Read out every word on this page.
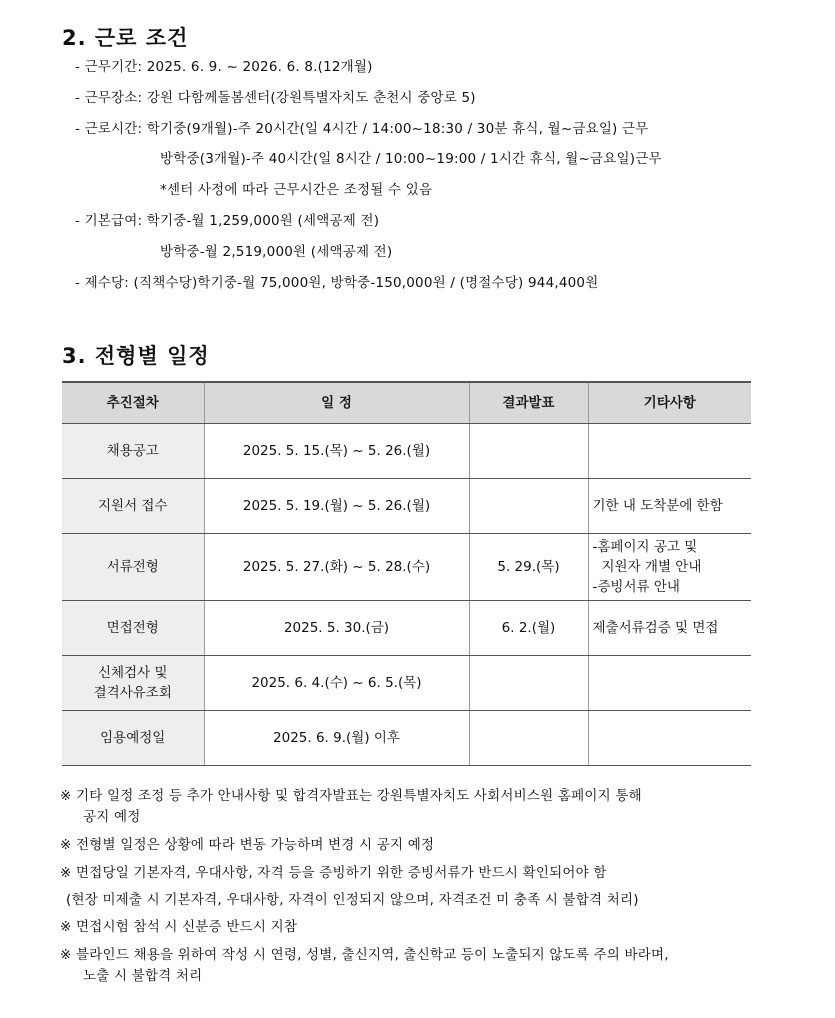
2. 근로 조건
- 근무기간: 2025. 6. 9. ~ 2026. 6. 8.(12개월)
- 근무장소: 강원 다함께돌봄센터(강원특별자치도 춘천시 중앙로 5)
- 근로시간: 학기중(9개월)-주 20시간(일 4시간 / 14:00~18:30 / 30분 휴식, 월~금요일) 근무
방학중(3개월)-주 40시간(일 8시간 / 10:00~19:00 / 1시간 휴식, 월~금요일)근무
*센터 사정에 따라 근무시간은 조정될 수 있음
- 기본급여: 학기중-월 1,259,000원 (세액공제 전)
방학중-월 2,519,000원 (세액공제 전)
- 제수당: (직책수당)학기중-월 75,000원, 방학중-150,000원 / (명절수당) 944,400원
3. 전형별 일정
추진절차	일 정	결과발표	기타사항
채용공고	2025. 5. 15.(목) ~ 5. 26.(월)		
지원서 접수	2025. 5. 19.(월) ~ 5. 26.(월)		기한 내 도착분에 한함
서류전형	2025. 5. 27.(화) ~ 5. 28.(수)	5. 29.(목)	-홈페이지 공고 및
지원자 개별 안내
-증빙서류 안내

면접전형	2025. 5. 30.(금)	6. 2.(월)	제출서류검증 및 면접

신체검사 및
결격사유조회	2025. 6. 4.(수) ~ 6. 5.(목)		
임용예정일	2025. 6. 9.(월) 이후		
※ 기타 일정 조정 등 추가 안내사항 및 합격자발표는 강원특별자치도 사회서비스원 홈페이지 통해
공지 예정
※ 전형별 일정은 상황에 따라 변동 가능하며 변경 시 공지 예정
※ 면접당일 기본자격, 우대사항, 자격 등을 증빙하기 위한 증빙서류가 반드시 확인되어야 함
(현장 미제출 시 기본자격, 우대사항, 자격이 인정되지 않으며, 자격조건 미 충족 시 불합격 처리)
※ 면접시험 참석 시 신분증 반드시 지참
※ 블라인드 채용을 위하여 작성 시 연령, 성별, 출신지역, 출신학교 등이 노출되지 않도록 주의 바라며,
노출 시 불합격 처리
